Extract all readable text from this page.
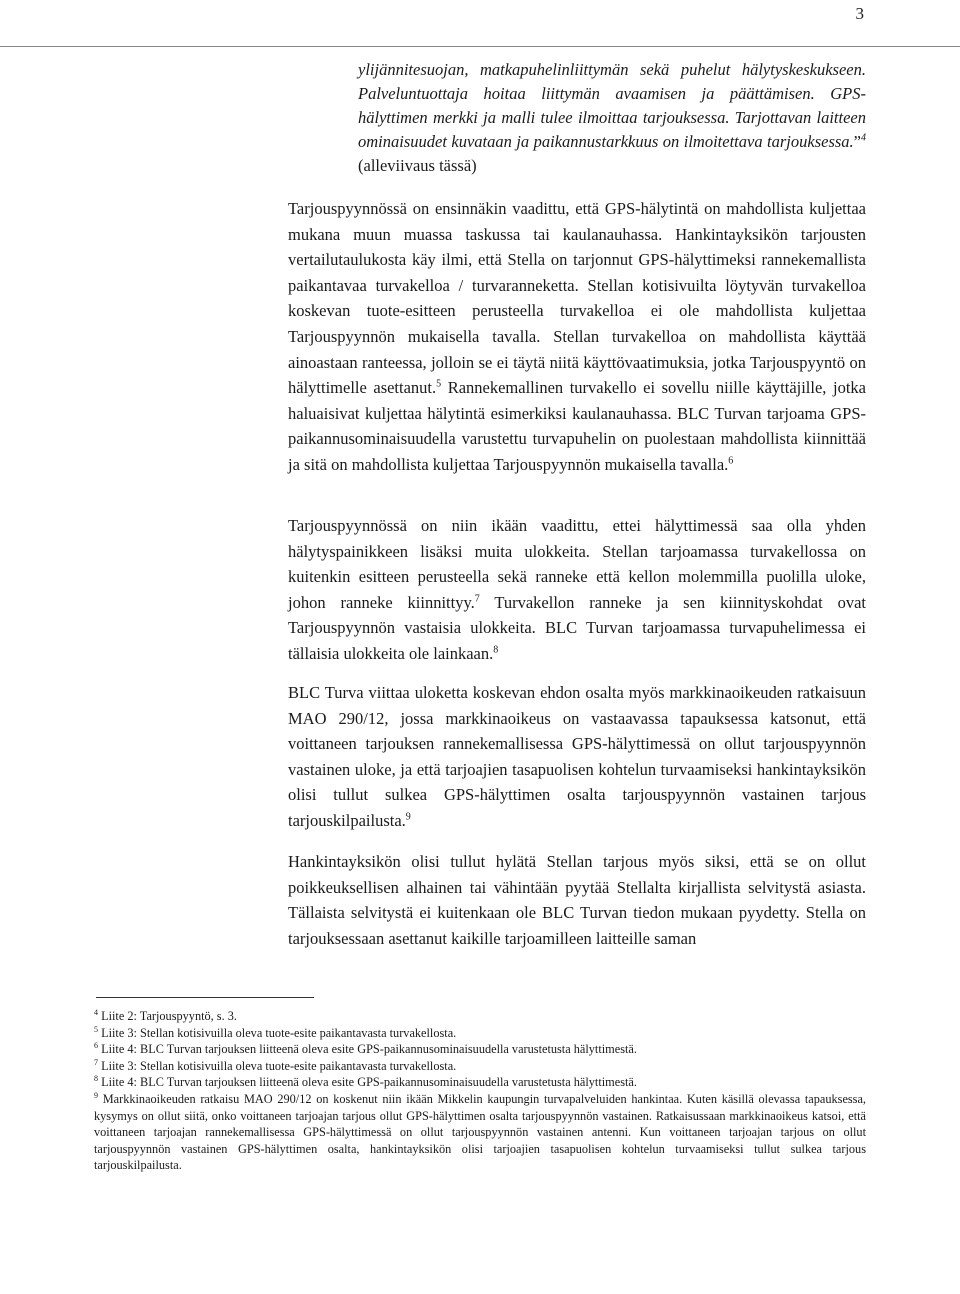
3

ylijännitesuojan, matkapuhelinliittymän sekä puhelut hälytyskeskukseen. Palveluntuottaja hoitaa liittymän avaamisen ja päättämisen. GPS- hälyttimen merkki ja malli tulee ilmoittaa tarjouksessa. Tarjottavan laitteen ominaisuudet kuvataan ja paikannustarkkuus on ilmoitettava tarjouksessa.”$^4$ (alleviivaus tässä)

Tarjouspyynnössä on ensinnäkin vaadittu, että GPS-hälytintä on mahdollista kuljettaa mukana muun muassa taskussa tai kaulanauhassa. Hankintayksikön tarjousten vertailutaulukosta käy ilmi, että Stella on tarjonnut GPS-hälyttimeksi rannekemallista paikantavaa turvakelloa / turvaranneketta. Stellan kotisivuilta löytyvän turvakelloa koskevan tuote-esitteen perusteella turvakelloa ei ole mahdollista kuljettaa Tarjouspyynnön mukaisella tavalla. Stellan turvakelloa on mahdollista käyttää ainoastaan ranteessa, jolloin se ei täytä niitä käyttövaatimuksia, jotka Tarjouspyyntö on hälyttimelle asettanut.$^5$ Rannekemallinen turvakello ei sovellu niille käyttäjille, jotka haluaisivat kuljettaa hälytintä esimerkiksi kaulanauhassa. BLC Turvan tarjoama GPS-paikannusominaisuudella varustettu turvapuhelin on puolestaan mahdollista kiinnittää ja sitä on mahdollista kuljettaa Tarjouspyynnön mukaisella tavalla.$^6$

Tarjouspyynnössä on niin ikään vaadittu, ettei hälyttimessä saa olla yhden hälytyspainikkeen lisäksi muita ulokkeita. Stellan tarjoamassa turvakellossa on kuitenkin esitteen perusteella sekä ranneke että kellon molemmilla puolilla uloke, johon ranneke kiinnittyy.$^7$ Turvakellon ranneke ja sen kiinnityskohdat ovat Tarjouspyynnön vastaisia ulokkeita. BLC Turvan tarjoamassa turvapuhelimessa ei tällaisia ulokkeita ole lainkaan.$^8$

BLC Turva viittaa uloketta koskevan ehdon osalta myös markkinaoikeuden ratkaisuun MAO 290/12, jossa markkinaoikeus on vastaavassa tapauksessa katsonut, että voittaneen tarjouksen rannekemallisessa GPS-hälyttimessä on ollut tarjouspyynnön vastainen uloke, ja että tarjoajien tasapuolisen kohtelun turvaamiseksi hankintayksikön olisi tullut sulkea GPS-hälyttimen osalta tarjouspyynnön vastainen tarjous tarjouskilpailusta.$^9$

Hankintayksikön olisi tullut hylätä Stellan tarjous myös siksi, että se on ollut poikkeuksellisen alhainen tai vähintään pyytää Stellalta kirjallista selvitystä asiasta. Tällaista selvitystä ei kuitenkaan ole BLC Turvan tiedon mukaan pyydetty. Stella on tarjouksessaan asettanut kaikille tarjoamilleen laitteille saman

$^4$ Liite 2: Tarjouspyyntö, s. 3.
$^5$ Liite 3: Stellan kotisivuilla oleva tuote-esite paikantavasta turvakellosta.
$^6$ Liite 4: BLC Turvan tarjouksen liitteenä oleva esite GPS-paikannusominaisuudella varustetusta hälyttimestä.
$^7$ Liite 3: Stellan kotisivuilla oleva tuote-esite paikantavasta turvakellosta.
$^8$ Liite 4: BLC Turvan tarjouksen liitteenä oleva esite GPS-paikannusominaisuudella varustetusta hälyttimestä.
$^9$ Markkinaoikeuden ratkaisu MAO 290/12 on koskenut niin ikään Mikkelin kaupungin turvapalveluiden hankintaa. Kuten käsillä olevassa tapauksessa, kysymys on ollut siitä, onko voittaneen tarjoajan tarjous ollut GPS-hälyttimen osalta tarjouspyynnön vastainen. Ratkaisussaan markkinaoikeus katsoi, että voittaneen tarjoajan rannekemallisessa GPS-hälyttimessä on ollut tarjouspyynnön vastainen antenni. Kun voittaneen tarjoajan tarjous on ollut tarjouspyynnön vastainen GPS-hälyttimen osalta, hankintayksikön olisi tarjoajien tasapuolisen kohtelun turvaamiseksi tullut sulkea tarjous tarjouskilpailusta.
